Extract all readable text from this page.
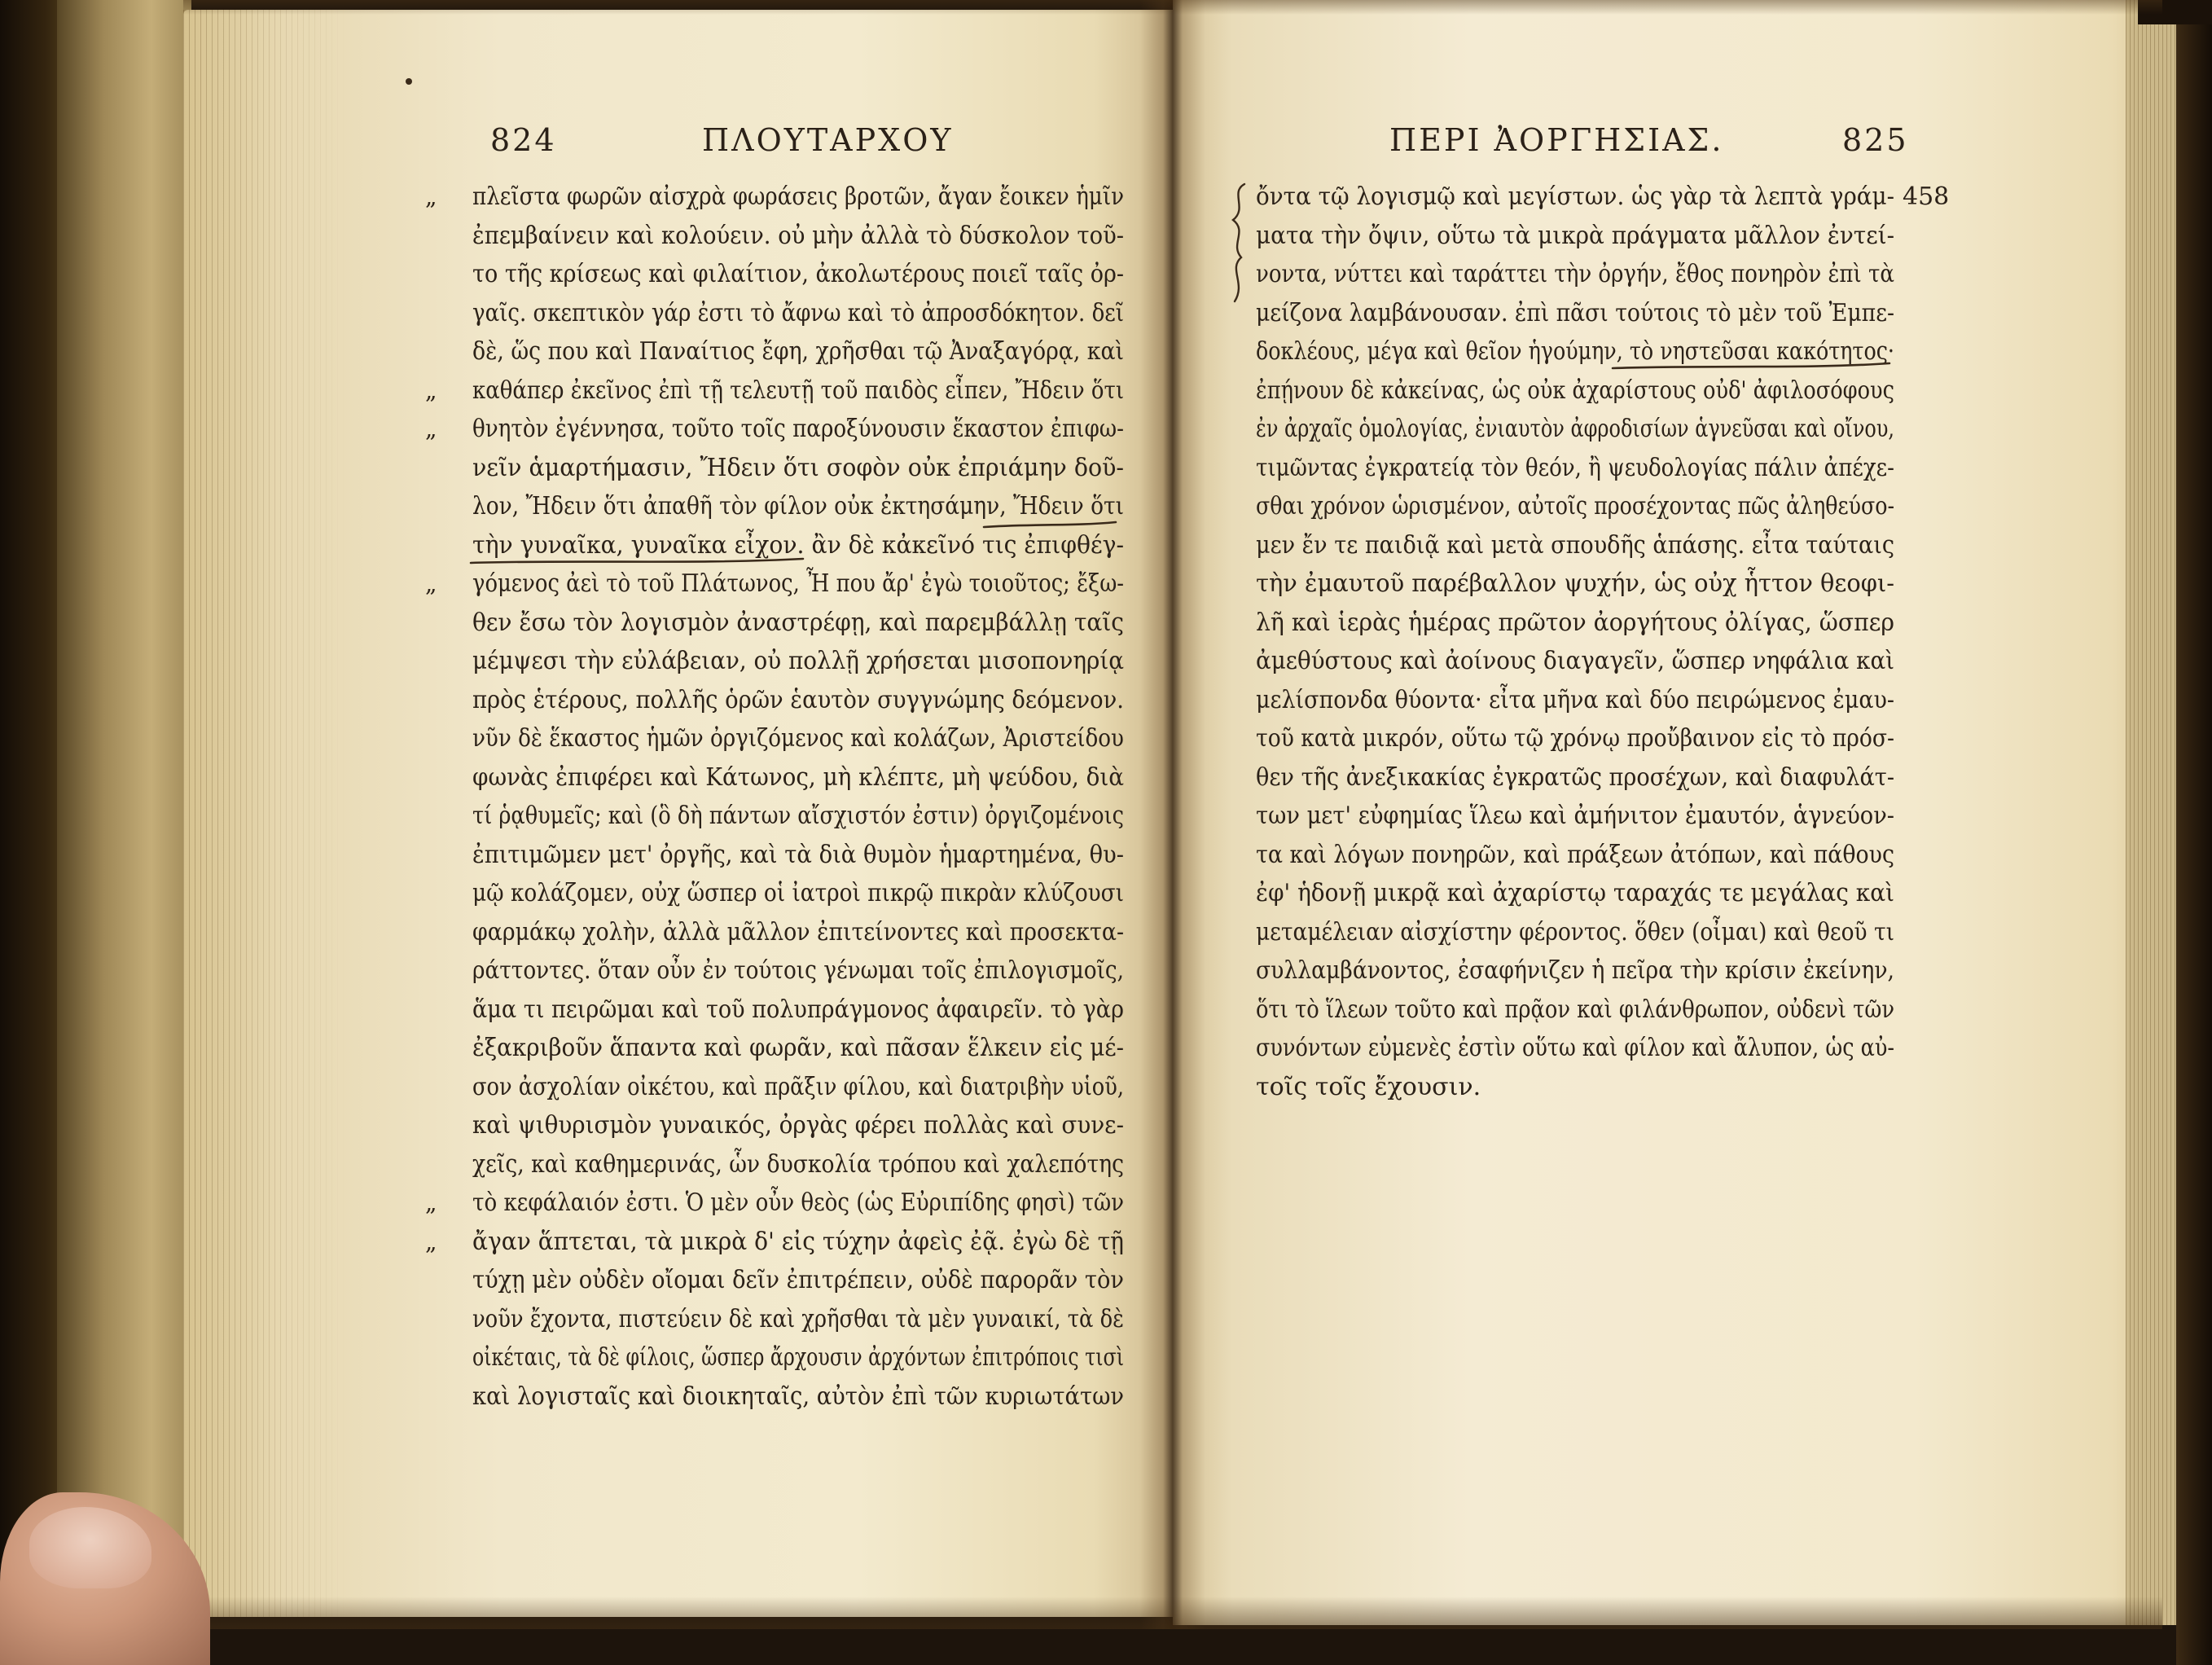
824	ΠΛΟΥΤΑΡΧΟΥ	ΠΕΡΙ ἈΟΡΓΗΣΙΑΣ.	825
458
„ πλεῖστα φωρῶν αἰσχρὰ φωράσεις βροτῶν, ἄγαν ἔοικεν ἡμῖν
ἐπεμβαίνειν καὶ κολούειν. οὐ μὴν ἀλλὰ τὸ δύσκολον τοῦ-
το τῆς κρίσεως καὶ φιλαίτιον, ἀκολωτέρους ποιεῖ ταῖς ὀρ-
γαῖς. σκεπτικὸν γάρ ἐστι τὸ ἄφνω καὶ τὸ ἀπροσδόκητον. δεῖ
δὲ, ὥς που καὶ Παναίτιος ἔφη, χρῆσθαι τῷ Ἀναξαγόρᾳ, καὶ
„ καθάπερ ἐκεῖνος ἐπὶ τῇ τελευτῇ τοῦ παιδὸς εἶπεν, Ἤδειν ὅτι
„ θνητὸν ἐγέννησα, τοῦτο τοῖς παροξύνουσιν ἕκαστον ἐπιφω-
νεῖν ἁμαρτήμασιν, Ἤδειν ὅτι σοφὸν οὐκ ἐπριάμην δοῦ-
λον, Ἤδειν ὅτι ἀπαθῆ τὸν φίλον οὐκ ἐκτησάμην, Ἤδειν ὅτι
τὴν γυναῖκα, γυναῖκα εἶχον. ἂν δὲ κἀκεῖνό τις ἐπιφθέγ-
„ γόμενος ἀεὶ τὸ τοῦ Πλάτωνος, Ἦ που ἄρ' ἐγὼ τοιοῦτος; ἔξω-
θεν ἔσω τὸν λογισμὸν ἀναστρέφῃ, καὶ παρεμβάλλῃ ταῖς
μέμψεσι τὴν εὐλάβειαν, οὐ πολλῇ χρήσεται μισοπονηρίᾳ
πρὸς ἑτέρους, πολλῆς ὁρῶν ἑαυτὸν συγγνώμης δεόμενον.
νῦν δὲ ἕκαστος ἡμῶν ὀργιζόμενος καὶ κολάζων, Ἀριστείδου
φωνὰς ἐπιφέρει καὶ Κάτωνος, μὴ κλέπτε, μὴ ψεύδου, διὰ
τί ῥᾳθυμεῖς; καὶ (ὃ δὴ πάντων αἴσχιστόν ἐστιν) ὀργιζομένοις
ἐπιτιμῶμεν μετ' ὀργῆς, καὶ τὰ διὰ θυμὸν ἡμαρτημένα, θυ-
μῷ κολάζομεν, οὐχ ὥσπερ οἱ ἰατροὶ πικρῷ πικρὰν κλύζουσι
φαρμάκῳ χολὴν, ἀλλὰ μᾶλλον ἐπιτείνοντες καὶ προσεκτα-
ράττοντες. ὅταν οὖν ἐν τούτοις γένωμαι τοῖς ἐπιλογισμοῖς,
ἅμα τι πειρῶμαι καὶ τοῦ πολυπράγμονος ἀφαιρεῖν. τὸ γὰρ
ἐξακριβοῦν ἅπαντα καὶ φωρᾶν, καὶ πᾶσαν ἕλκειν εἰς μέ-
σον ἀσχολίαν οἰκέτου, καὶ πρᾶξιν φίλου, καὶ διατριβὴν υἱοῦ,
καὶ ψιθυρισμὸν γυναικός, ὀργὰς φέρει πολλὰς καὶ συνε-
χεῖς, καὶ καθημερινάς, ὧν δυσκολία τρόπου καὶ χαλεπότης
„ τὸ κεφάλαιόν ἐστι. Ὁ μὲν οὖν θεὸς (ὡς Εὐριπίδης φησὶ) τῶν
„ ἄγαν ἅπτεται, τὰ μικρὰ δ' εἰς τύχην ἀφεὶς ἐᾷ. ἐγὼ δὲ τῇ
τύχῃ μὲν οὐδὲν οἴομαι δεῖν ἐπιτρέπειν, οὐδὲ παρορᾶν τὸν
νοῦν ἔχοντα, πιστεύειν δὲ καὶ χρῆσθαι τὰ μὲν γυναικί, τὰ δὲ
οἰκέταις, τὰ δὲ φίλοις, ὥσπερ ἄρχουσιν ἀρχόντων ἐπιτρόποις τισὶ
καὶ λογισταῖς καὶ διοικηταῖς, αὐτὸν ἐπὶ τῶν κυριωτάτων
ὄντα τῷ λογισμῷ καὶ μεγίστων. ὡς γὰρ τὰ λεπτὰ γράμ-
ματα τὴν ὄψιν, οὕτω τὰ μικρὰ πράγματα μᾶλλον ἐντεί-
νοντα, νύττει καὶ ταράττει τὴν ὀργήν, ἔθος πονηρὸν ἐπὶ τὰ
μείζονα λαμβάνουσαν. ἐπὶ πᾶσι τούτοις τὸ μὲν τοῦ Ἐμπε-
δοκλέους, μέγα καὶ θεῖον ἡγούμην, τὸ νηστεῦσαι κακότητος·
ἐπῄνουν δὲ κἀκείνας, ὡς οὐκ ἀχαρίστους οὐδ' ἀφιλοσόφους
ἐν ἀρχαῖς ὁμολογίας, ἐνιαυτὸν ἀφροδισίων ἁγνεῦσαι καὶ οἴνου,
τιμῶντας ἐγκρατείᾳ τὸν θεόν, ἢ ψευδολογίας πάλιν ἀπέχε-
σθαι χρόνον ὡρισμένον, αὐτοῖς προσέχοντας πῶς ἀληθεύσο-
μεν ἔν τε παιδιᾷ καὶ μετὰ σπουδῆς ἁπάσης. εἶτα ταύταις
τὴν ἐμαυτοῦ παρέβαλλον ψυχήν, ὡς οὐχ ἧττον θεοφι-
λῆ καὶ ἱερὰς ἡμέρας πρῶτον ἀοργήτους ὀλίγας, ὥσπερ
ἀμεθύστους καὶ ἀοίνους διαγαγεῖν, ὥσπερ νηφάλια καὶ
μελίσπονδα θύοντα· εἶτα μῆνα καὶ δύο πειρώμενος ἐμαυ-
τοῦ κατὰ μικρόν, οὕτω τῷ χρόνῳ προὔβαινον εἰς τὸ πρόσ-
θεν τῆς ἀνεξικακίας ἐγκρατῶς προσέχων, καὶ διαφυλάτ-
των μετ' εὐφημίας ἵλεω καὶ ἀμήνιτον ἐμαυτόν, ἁγνεύον-
τα καὶ λόγων πονηρῶν, καὶ πράξεων ἀτόπων, καὶ πάθους
ἐφ' ἡδονῇ μικρᾷ καὶ ἀχαρίστῳ ταραχάς τε μεγάλας καὶ
μεταμέλειαν αἰσχίστην φέροντος. ὅθεν (οἶμαι) καὶ θεοῦ τι
συλλαμβάνοντος, ἐσαφήνιζεν ἡ πεῖρα τὴν κρίσιν ἐκείνην,
ὅτι τὸ ἵλεων τοῦτο καὶ πρᾷον καὶ φιλάνθρωπον, οὐδενὶ τῶν
συνόντων εὐμενὲς ἐστὶν οὕτω καὶ φίλον καὶ ἄλυπον, ὡς αὐ-
τοῖς τοῖς ἔχουσιν.
